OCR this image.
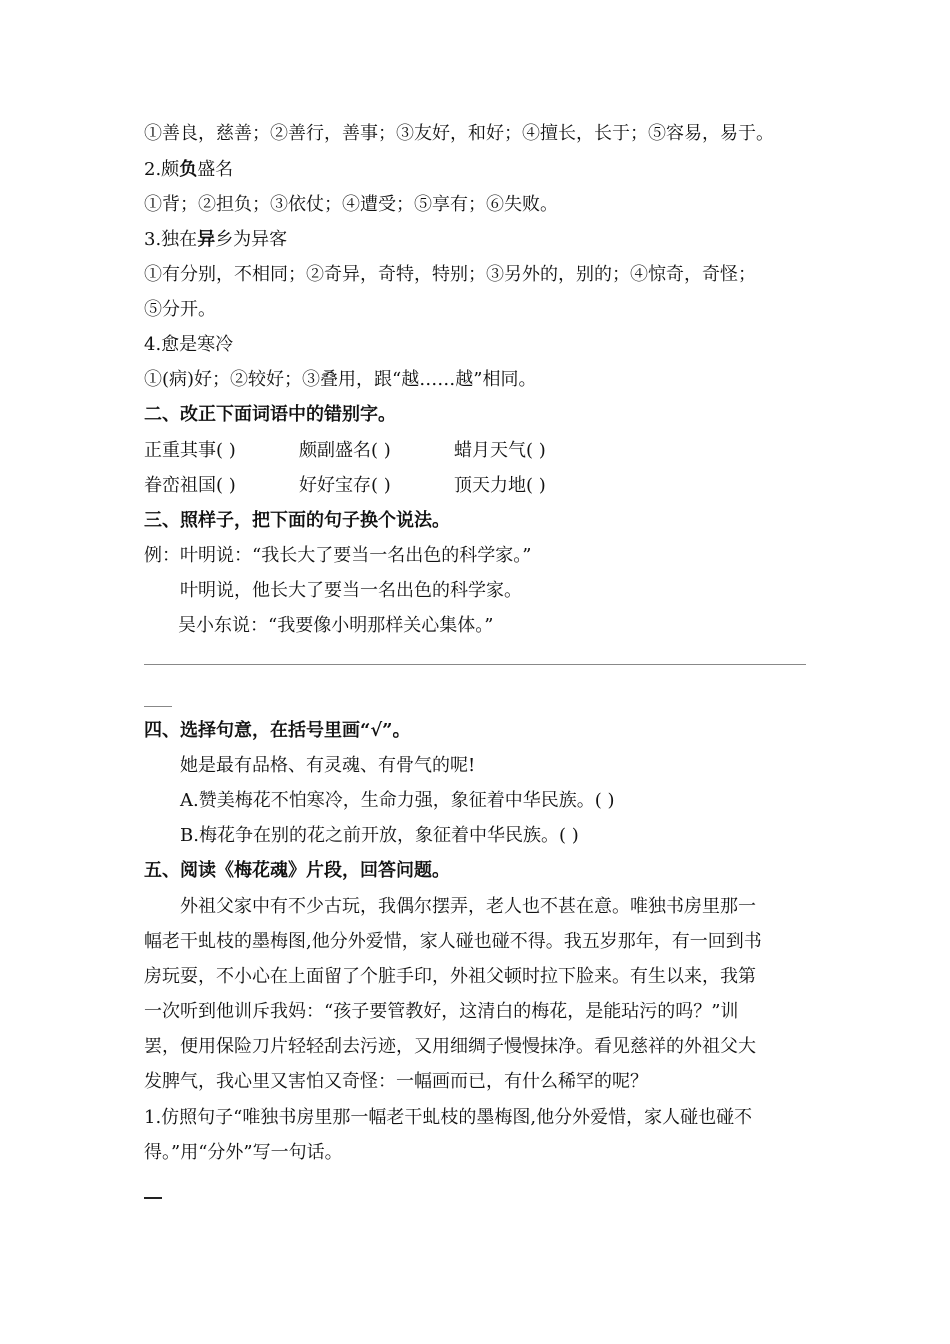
①善良，慈善；②善行，善事；③友好，和好；④擅长，长于；⑤容易，易于。
2.颇负盛名
①背；②担负；③依仗；④遭受；⑤享有；⑥失败。
3.独在异乡为异客
①有分别，不相同；②奇异，奇特，特别；③另外的，别的；④惊奇，奇怪；
⑤分开。
4.愈是寒冷
①(病)好；②较好；③叠用，跟“越……越”相同。
二、改正下面词语中的错别字。
正重其事( )	颇副盛名( )	蜡月天气( )
眷峦祖国( )	好好宝存( )	顶天力地( )
三、照样子，把下面的句子换个说法。
例：叶明说：“我长大了要当一名出色的科学家。”
叶明说，他长大了要当一名出色的科学家。
吴小东说：“我要像小明那样关心集体。”
四、选择句意，在括号里画“√”。
她是最有品格、有灵魂、有骨气的呢!
A.赞美梅花不怕寒冷，生命力强，象征着中华民族。( )
B.梅花争在别的花之前开放，象征着中华民族。( )
五、阅读《梅花魂》片段，回答问题。
外祖父家中有不少古玩，我偶尔摆弄，老人也不甚在意。唯独书房里那一
幅老干虬枝的墨梅图,他分外爱惜，家人碰也碰不得。我五岁那年，有一回到书
房玩耍，不小心在上面留了个脏手印，外祖父顿时拉下脸来。有生以来，我第
一次听到他训斥我妈：“孩子要管教好，这清白的梅花，是能玷污的吗？”训
罢，便用保险刀片轻轻刮去污迹，又用细绸子慢慢抹净。看见慈祥的外祖父大
发脾气，我心里又害怕又奇怪：一幅画而已，有什么稀罕的呢？
1.仿照句子“唯独书房里那一幅老干虬枝的墨梅图,他分外爱惜，家人碰也碰不
得。”用“分外”写一句话。
